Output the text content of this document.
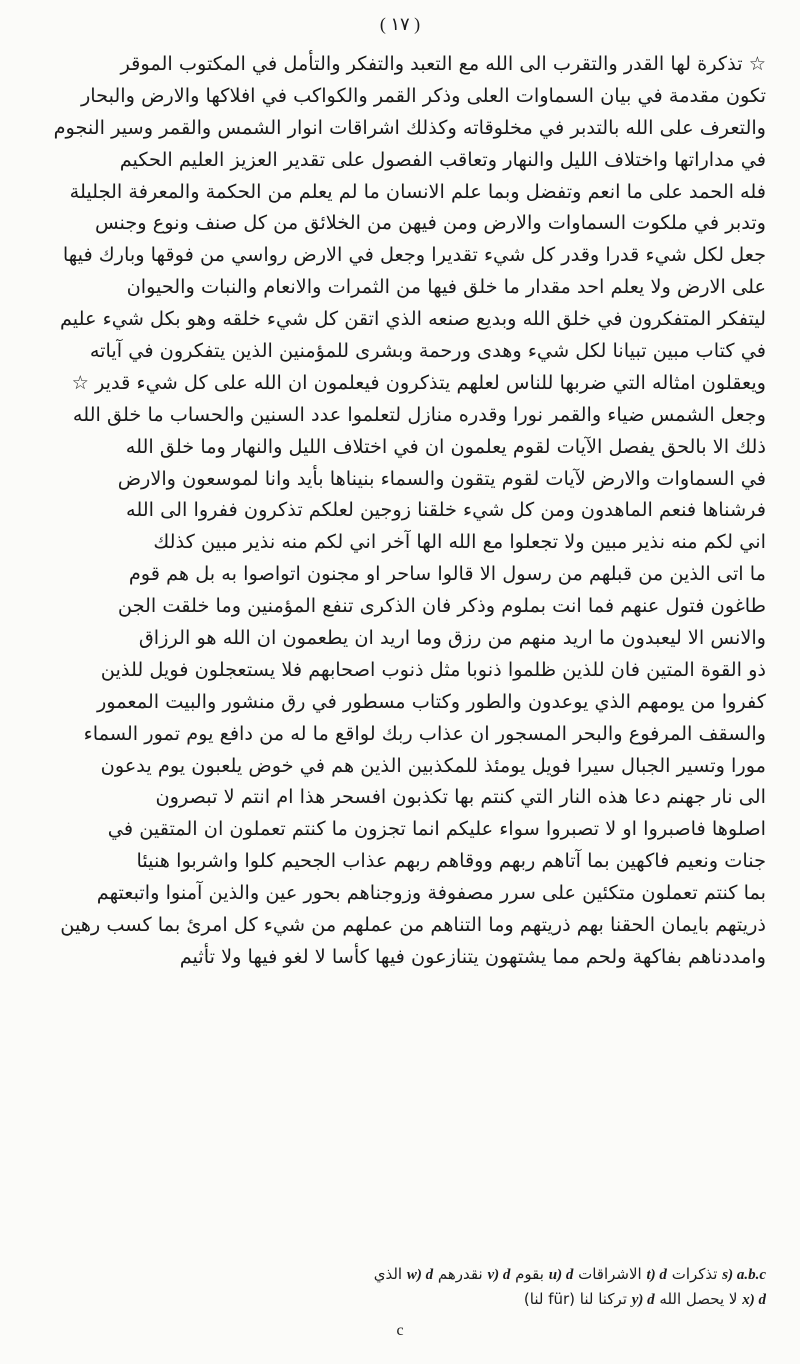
( ١٧ )
☆ تذكرة لها القدر والتقرب الى الله مع التعبد والتفكر والتأمل في المكتوب الموقر
تكون مقدمة في بيان السماوات العلى وذكر القمر والكواكب في افلاكها والارض والبحار
والتعرف على الله بالتدبر في مخلوقاته وكذلك اشراقات انوار الشمس والقمر وسير النجوم
في مداراتها واختلاف الليل والنهار وتعاقب الفصول على تقدير العزيز العليم الحكيم
فله الحمد على ما انعم وتفضل وبما علم الانسان ما لم يعلم من الحكمة والمعرفة الجليلة
وتدبر في ملكوت السماوات والارض ومن فيهن من الخلائق من كل صنف ونوع وجنس
جعل لكل شيء قدرا وقدر كل شيء تقديرا وجعل في الارض رواسي من فوقها وبارك فيها
على الارض ولا يعلم احد مقدار ما خلق فيها من الثمرات والانعام والنبات والحيوان
ليتفكر المتفكرون في خلق الله وبديع صنعه الذي اتقن كل شيء خلقه وهو بكل شيء عليم
في كتاب مبين تبيانا لكل شيء وهدى ورحمة وبشرى للمؤمنين الذين يتفكرون في آياته
ويعقلون امثاله التي ضربها للناس لعلهم يتذكرون فيعلمون ان الله على كل شيء قدير ☆
وجعل الشمس ضياء والقمر نورا وقدره منازل لتعلموا عدد السنين والحساب ما خلق الله
ذلك الا بالحق يفصل الآيات لقوم يعلمون ان في اختلاف الليل والنهار وما خلق الله
في السماوات والارض لآيات لقوم يتقون والسماء بنيناها بأيد وانا لموسعون والارض
فرشناها فنعم الماهدون ومن كل شيء خلقنا زوجين لعلكم تذكرون ففروا الى الله
اني لكم منه نذير مبين ولا تجعلوا مع الله الها آخر اني لكم منه نذير مبين كذلك
ما اتى الذين من قبلهم من رسول الا قالوا ساحر او مجنون اتواصوا به بل هم قوم
طاغون فتول عنهم فما انت بملوم وذكر فان الذكرى تنفع المؤمنين وما خلقت الجن
والانس الا ليعبدون ما اريد منهم من رزق وما اريد ان يطعمون ان الله هو الرزاق
ذو القوة المتين فان للذين ظلموا ذنوبا مثل ذنوب اصحابهم فلا يستعجلون فويل للذين
كفروا من يومهم الذي يوعدون والطور وكتاب مسطور في رق منشور والبيت المعمور
والسقف المرفوع والبحر المسجور ان عذاب ربك لواقع ما له من دافع يوم تمور السماء
مورا وتسير الجبال سيرا فويل يومئذ للمكذبين الذين هم في خوض يلعبون يوم يدعون
الى نار جهنم دعا هذه النار التي كنتم بها تكذبون افسحر هذا ام انتم لا تبصرون
اصلوها فاصبروا او لا تصبروا سواء عليكم انما تجزون ما كنتم تعملون ان المتقين في
جنات ونعيم فاكهين بما آتاهم ربهم ووقاهم ربهم عذاب الجحيم كلوا واشربوا هنيئا
بما كنتم تعملون متكئين على سرر مصفوفة وزوجناهم بحور عين والذين آمنوا واتبعتهم
ذريتهم بايمان الحقنا بهم ذريتهم وما التناهم من عملهم من شيء كل امرئ بما كسب رهين
وامددناهم بفاكهة ولحم مما يشتهون يتنازعون فيها كأسا لا لغو فيها ولا تأثيم
s) a.b.c تذكرات t) d الاشراقات u) d بقوم v) d نقدرهم w) d الذي
x) d لا يحصل الله y) d تركنا لنا (für لنا)
c
